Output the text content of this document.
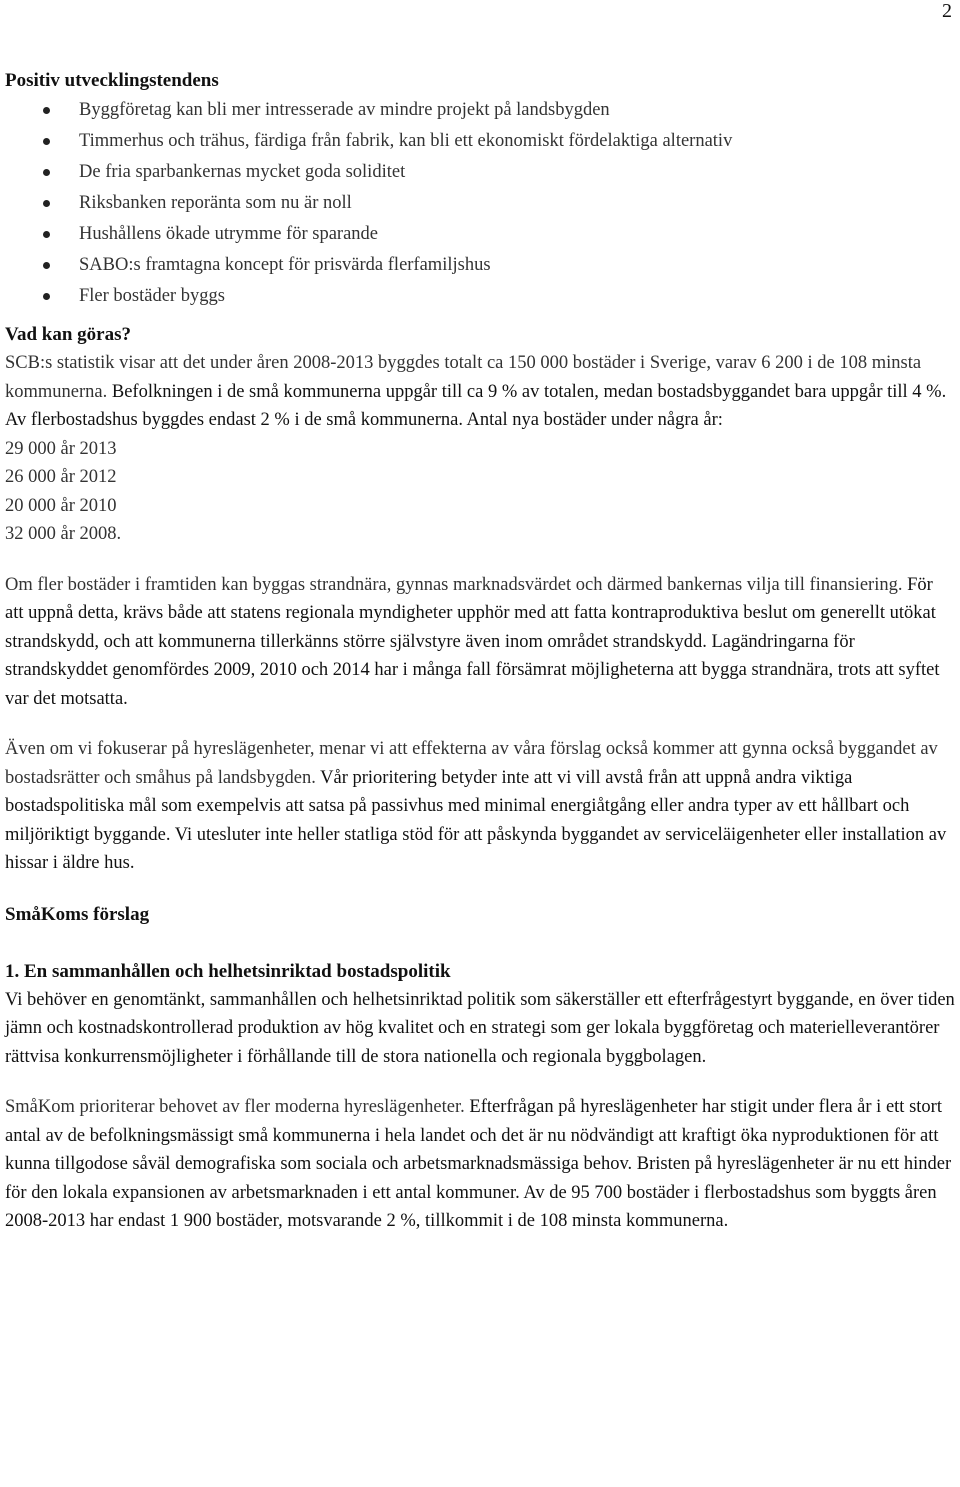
2
Positiv utvecklingstendens
Byggföretag kan bli mer intresserade av mindre projekt på landsbygden
Timmerhus och trähus, färdiga från fabrik, kan bli ett ekonomiskt fördelaktiga alternativ
De fria sparbankernas mycket goda soliditet
Riksbanken reporänta som nu är noll
Hushållens ökade utrymme för sparande
SABO:s framtagna koncept för prisvärda flerfamiljshus
Fler bostäder byggs
Vad kan göras?

SCB:s statistik visar att det under åren 2008-2013 byggdes totalt ca 150 000 bostäder i Sverige, varav 6 200 i de 108 minsta kommunerna. Befolkningen i de små kommunerna uppgår till ca 9 % av totalen, medan bostadsbyggandet bara uppgår till 4 %. Av flerbostadshus byggdes endast 2 % i de små kommunerna. Antal nya bostäder under några år:

29 000 år 2013
26 000 år 2012
20 000 år 2010
32 000 år 2008.

Om fler bostäder i framtiden kan byggas strandnära, gynnas marknadsvärdet och därmed bankernas vilja till finansiering. För att uppnå detta, krävs både att statens regionala myndigheter upphör med att fatta kontraproduktiva beslut om generellt utökat strandskydd, och att kommunerna tillerkänns större självstyre även inom området strandskydd. Lagändringarna för strandskyddet genomfördes 2009, 2010 och 2014 har i många fall försämrat möjligheterna att bygga strandnära, trots att syftet var det motsatta.

Även om vi fokuserar på hyreslägenheter, menar vi att effekterna av våra förslag också kommer att gynna också byggandet av bostadsrätter och småhus på landsbygden. Vår prioritering betyder inte att vi vill avstå från att uppnå andra viktiga bostadspolitiska mål som exempelvis att satsa på passivhus med minimal energiåtgång eller andra typer av ett hållbart och miljöriktigt byggande. Vi utesluter inte heller statliga stöd för att påskynda byggandet av serviceläigenheter eller installation av hissar i äldre hus.

SmåKoms förslag
1. En sammanhållen och helhetsinriktad bostadspolitik

Vi behöver en genomtänkt, sammanhållen och helhetsinriktad politik som säkerställer ett efterfrågestyrt byggande, en över tiden jämn och kostnadskontrollerad produktion av hög kvalitet och en strategi som ger lokala byggföretag och materielleverantörer rättvisa konkurrensmöjligheter i förhållande till de stora nationella och regionala byggbolagen.

SmåKom prioriterar behovet av fler moderna hyreslägenheter. Efterfrågan på hyreslägenheter har stigit under flera år i ett stort antal av de befolkningsmässigt små kommunerna i hela landet och det är nu nödvändigt att kraftigt öka nyproduktionen för att kunna tillgodose såväl demografiska som sociala och arbetsmarknadsmässiga behov. Bristen på hyreslägenheter är nu ett hinder för den lokala expansionen av arbetsmarknaden i ett antal kommuner. Av de 95 700 bostäder i flerbostadshus som byggts åren 2008-2013 har endast 1 900 bostäder, motsvarande 2 %, tillkommit i de 108 minsta kommunerna.
